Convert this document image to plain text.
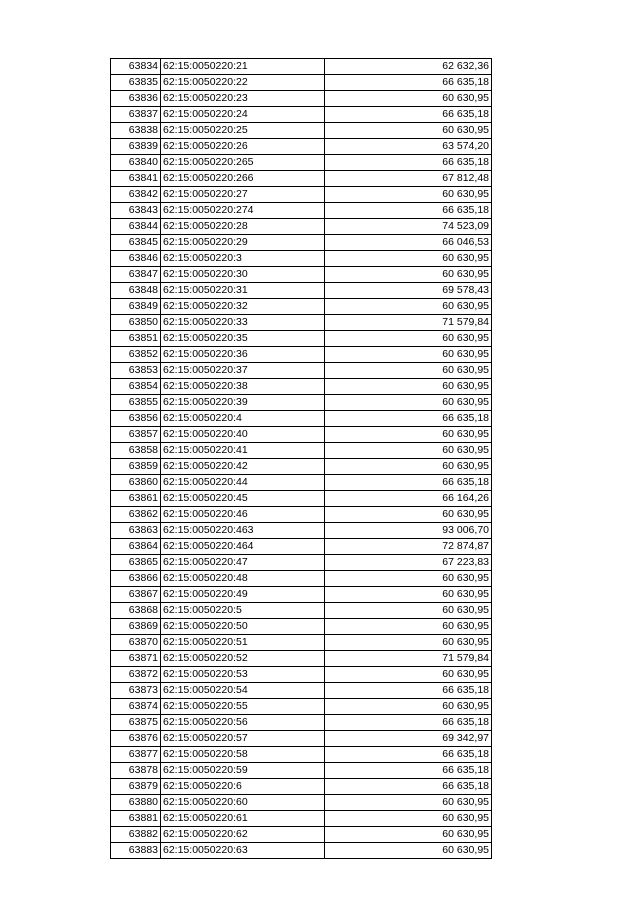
63834	62:15:0050220:21	62 632,36
63835	62:15:0050220:22	66 635,18
63836	62:15:0050220:23	60 630,95
63837	62:15:0050220:24	66 635,18
63838	62:15:0050220:25	60 630,95
63839	62:15:0050220:26	63 574,20
63840	62:15:0050220:265	66 635,18
63841	62:15:0050220:266	67 812,48
63842	62:15:0050220:27	60 630,95
63843	62:15:0050220:274	66 635,18
63844	62:15:0050220:28	74 523,09
63845	62:15:0050220:29	66 046,53
63846	62:15:0050220:3	60 630,95
63847	62:15:0050220:30	60 630,95
63848	62:15:0050220:31	69 578,43
63849	62:15:0050220:32	60 630,95
63850	62:15:0050220:33	71 579,84
63851	62:15:0050220:35	60 630,95
63852	62:15:0050220:36	60 630,95
63853	62:15:0050220:37	60 630,95
63854	62:15:0050220:38	60 630,95
63855	62:15:0050220:39	60 630,95
63856	62:15:0050220:4	66 635,18
63857	62:15:0050220:40	60 630,95
63858	62:15:0050220:41	60 630,95
63859	62:15:0050220:42	60 630,95
63860	62:15:0050220:44	66 635,18
63861	62:15:0050220:45	66 164,26
63862	62:15:0050220:46	60 630,95
63863	62:15:0050220:463	93 006,70
63864	62:15:0050220:464	72 874,87
63865	62:15:0050220:47	67 223,83
63866	62:15:0050220:48	60 630,95
63867	62:15:0050220:49	60 630,95
63868	62:15:0050220:5	60 630,95
63869	62:15:0050220:50	60 630,95
63870	62:15:0050220:51	60 630,95
63871	62:15:0050220:52	71 579,84
63872	62:15:0050220:53	60 630,95
63873	62:15:0050220:54	66 635,18
63874	62:15:0050220:55	60 630,95
63875	62:15:0050220:56	66 635,18
63876	62:15:0050220:57	69 342,97
63877	62:15:0050220:58	66 635,18
63878	62:15:0050220:59	66 635,18
63879	62:15:0050220:6	66 635,18
63880	62:15:0050220:60	60 630,95
63881	62:15:0050220:61	60 630,95
63882	62:15:0050220:62	60 630,95
63883	62:15:0050220:63	60 630,95
